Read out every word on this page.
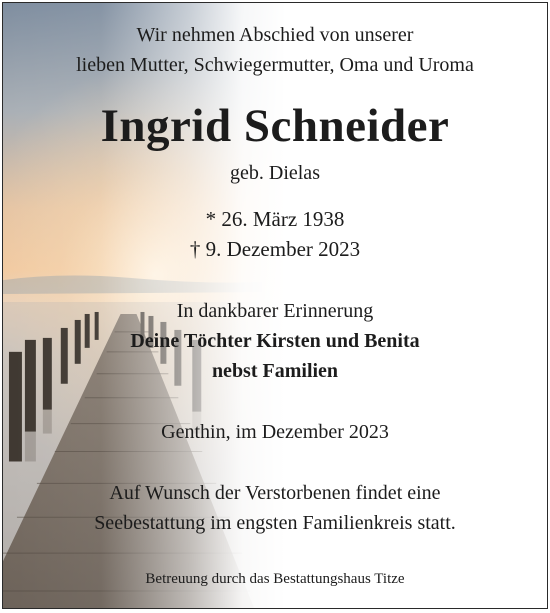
Wir nehmen Abschied von unserer
lieben Mutter, Schwiegermutter, Oma und Uroma
Ingrid Schneider
geb. Dielas
* 26. März 1938
† 9. Dezember 2023
In dankbarer Erinnerung
Deine Töchter Kirsten und Benita
nebst Familien
Genthin, im Dezember 2023
Auf Wunsch der Verstorbenen findet eine
Seebestattung im engsten Familienkreis statt.
Betreuung durch das Bestattungshaus Titze
